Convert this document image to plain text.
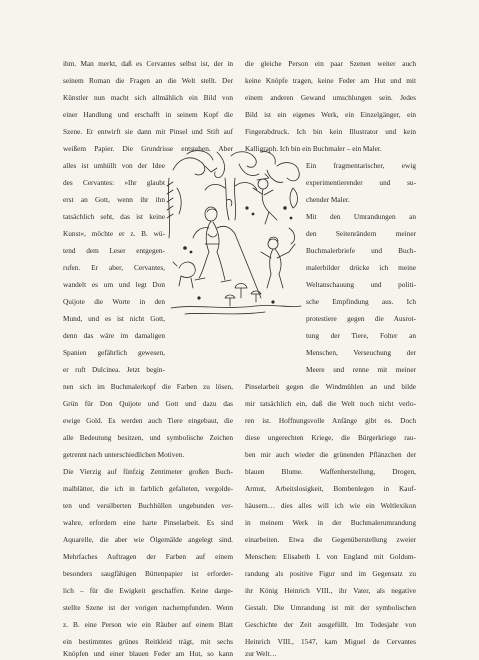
ihm. Man merkt, daß es Cervantes selbst ist, der in
seinem Roman die Fragen an die Welt stellt. Der
Künstler nun macht sich allmählich ein Bild von
einer Handlung und erschafft in seinem Kopf die
Szene. Er entwirft sie dann mit Pinsel und Stift auf
weißem Papier. Die Grundrisse entstehen. Aber
alles ist umhüllt von der Idee
des Cervantes: »Ihr glaubt
erst an Gott, wenn ihr ihn
tatsächlich seht, das ist keine
Kunst«, möchte er z. B. wü-
tend dem Leser entgegen-
rufen. Er aber, Cervantes,
wandelt es um und legt Don
Quijote die Worte in den
Mund, und es ist nicht Gott,
denn das wäre im damaligen
Spanien gefährlich gewesen,
er ruft Dulcinea. Jetzt begin-
nen sich im Buchmalerkopf die Farben zu lösen,
Grün für Don Quijote und Gott und dazu das
ewige Gold. Es werden auch Tiere eingebaut, die
alle Bedeutung besitzen, und symbolische Zeichen
getrennt nach unterschiedlichen Motiven.
Die Vierzig auf fünfzig Zentimeter großen Buch-
malblätter, die ich in farblich gefalteten, vergolde-
ten und versilberten Buchhüllen ungebunden ver-
wahre, erfordern eine harte Pinselarbeit. Es sind
Aquarelle, die aber wie Ölgemälde angelegt sind.
Mehrfaches Auftragen der Farben auf einem
besonders saugfähigen Büttenpapier ist erforder-
lich – für die Ewigkeit geschaffen. Keine darge-
stellte Szene ist der vorigen nachempfunden. Wenn
z. B. eine Person wie ein Räuber auf einem Blatt
ein bestimmtes grünes Reitkleid trägt, mit sechs
Knöpfen und einer blauen Feder am Hut, so kann
die gleiche Person ein paar Szenen weiter auch
keine Knöpfe tragen, keine Feder am Hut und mit
einem anderen Gewand umschlungen sein. Jedes
Bild ist ein eigenes Werk, ein Einzelgänger, ein
Fingerabdruck. Ich bin kein Illustrator und kein
Kalligraph. Ich bin ein Buchmaler – ein Maler.
Ein fragmentarischer, ewig
experimentierender und su-
chender Maler.
Mit den Umrandungen an
den Seitenrändern meiner
Buchmalerbriefe und Buch-
malerbilder drücke ich meine
Weltanschauung und politi-
sche Empfindung aus. Ich
protestiere gegen die Ausrot-
tung der Tiere, Folter an
Menschen, Verseuchung der
Meere und renne mit meiner
Pinselarbeit gegen die Windmühlen an und bilde
mir tatsächlich ein, daß die Welt noch nicht verlo-
ren ist. Hoffnungsvolle Anfänge gibt es. Doch
diese ungerechten Kriege, die Bürgerkriege rau-
ben mir auch wieder die grünenden Pflänzchen der
blauen Blume. Waffenherstellung, Drogen,
Armut, Arbeitslosigkeit, Bombenlegen in Kauf-
häusern… dies alles will ich wie ein Weltlexikon
in meinem Werk in der Buchmalerumrandung
einarbeiten. Etwa die Gegenüberstellung zweier
Menschen: Elisabeth I. von England mit Goldum-
randung als positive Figur und im Gegensatz zu
ihr König Heinrich VIII., ihr Vater, als negative
Gestalt. Die Umrandung ist mit der symbolischen
Geschichte der Zeit ausgefüllt. Im Todesjahr von
Heinrich VIII., 1547, kam Miguel de Cervantes
zur Welt…
